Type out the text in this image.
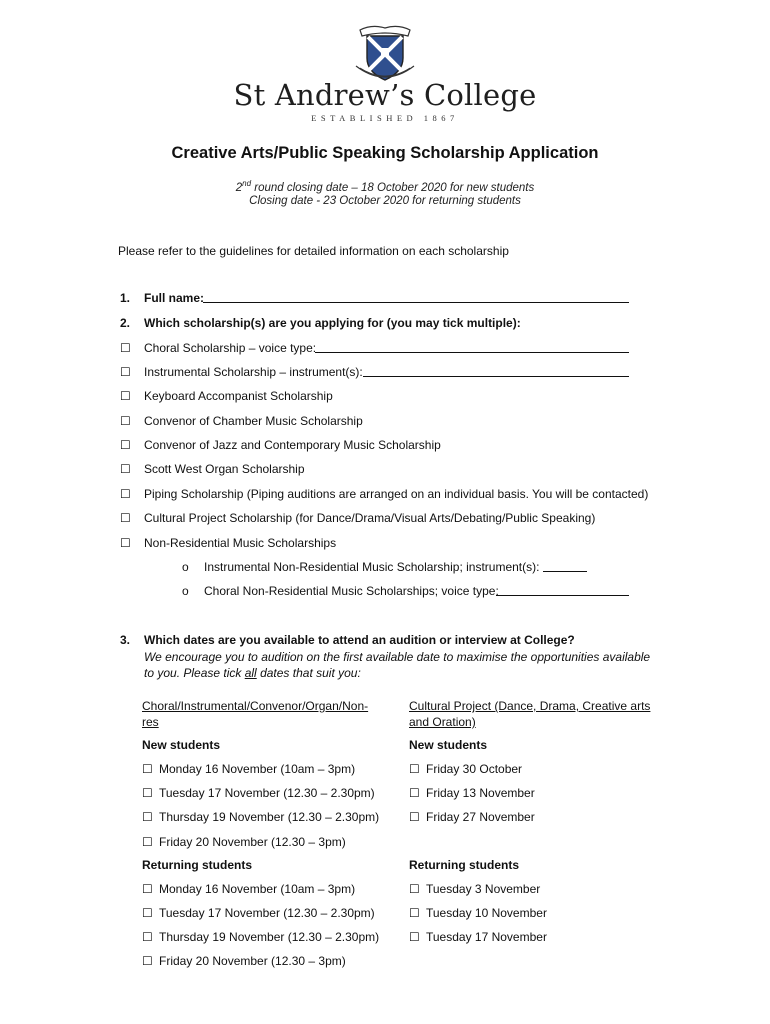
St Andrew’s College
ESTABLISHED 1867
Creative Arts/Public Speaking Scholarship Application
2nd round closing date – 18 October 2020 for new students
Closing date - 23 October 2020 for returning students
Please refer to the guidelines for detailed information on each scholarship
1. Full name:
2. Which scholarship(s) are you applying for (you may tick multiple):
☐ Choral Scholarship – voice type:
☐ Instrumental Scholarship – instrument(s):
☐ Keyboard Accompanist Scholarship
☐ Convenor of Chamber Music Scholarship
☐ Convenor of Jazz and Contemporary Music Scholarship
☐ Scott West Organ Scholarship
☐ Piping Scholarship (Piping auditions are arranged on an individual basis. You will be contacted)
☐ Cultural Project Scholarship (for Dance/Drama/Visual Arts/Debating/Public Speaking)
☐ Non-Residential Music Scholarships
o Instrumental Non-Residential Music Scholarship; instrument(s):
o Choral Non-Residential Music Scholarships; voice type:
3. Which dates are you available to attend an audition or interview at College?
We encourage you to audition on the first available date to maximise the opportunities available
to you. Please tick all dates that suit you:
Choral/Instrumental/Convenor/Organ/Non-
res
New students
☐ Monday 16 November (10am – 3pm)
☐ Tuesday 17 November (12.30 – 2.30pm)
☐ Thursday 19 November (12.30 – 2.30pm)
☐ Friday 20 November (12.30 – 3pm)
Returning students
☐ Monday 16 November (10am – 3pm)
☐ Tuesday 17 November (12.30 – 2.30pm)
☐ Thursday 19 November (12.30 – 2.30pm)
☐ Friday 20 November (12.30 – 3pm)
Cultural Project (Dance, Drama, Creative arts
and Oration)
New students
☐ Friday 30 October
☐ Friday 13 November
☐ Friday 27 November
Returning students
☐ Tuesday 3 November
☐ Tuesday 10 November
☐ Tuesday 17 November
